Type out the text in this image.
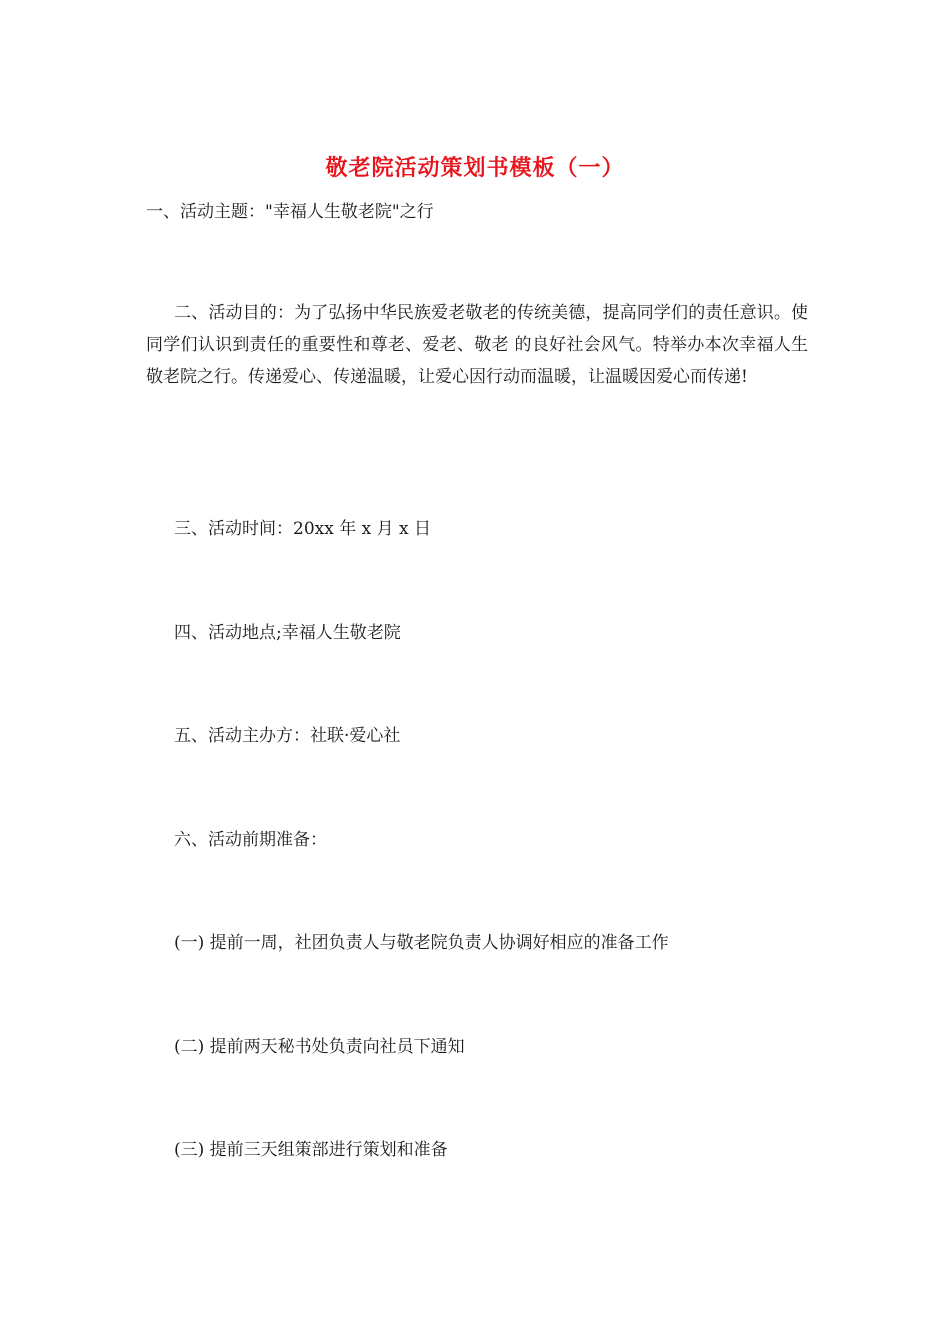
敬老院活动策划书模板（一）
一、活动主题："幸福人生敬老院"之行

二、活动目的：为了弘扬中华民族爱老敬老的传统美德，提高同学们的责任意识。使同学们认识到责任的重要性和尊老、爱老、敬老 的良好社会风气。特举办本次幸福人生敬老院之行。传递爱心、传递温暖，让爱心因行动而温暖，让温暖因爱心而传递!

三、活动时间：20xx 年 x 月 x 日
四、活动地点;幸福人生敬老院
五、活动主办方：社联·爱心社
六、活动前期准备：
(一) 提前一周，社团负责人与敬老院负责人协调好相应的准备工作
(二) 提前两天秘书处负责向社员下通知
(三) 提前三天组策部进行策划和准备
